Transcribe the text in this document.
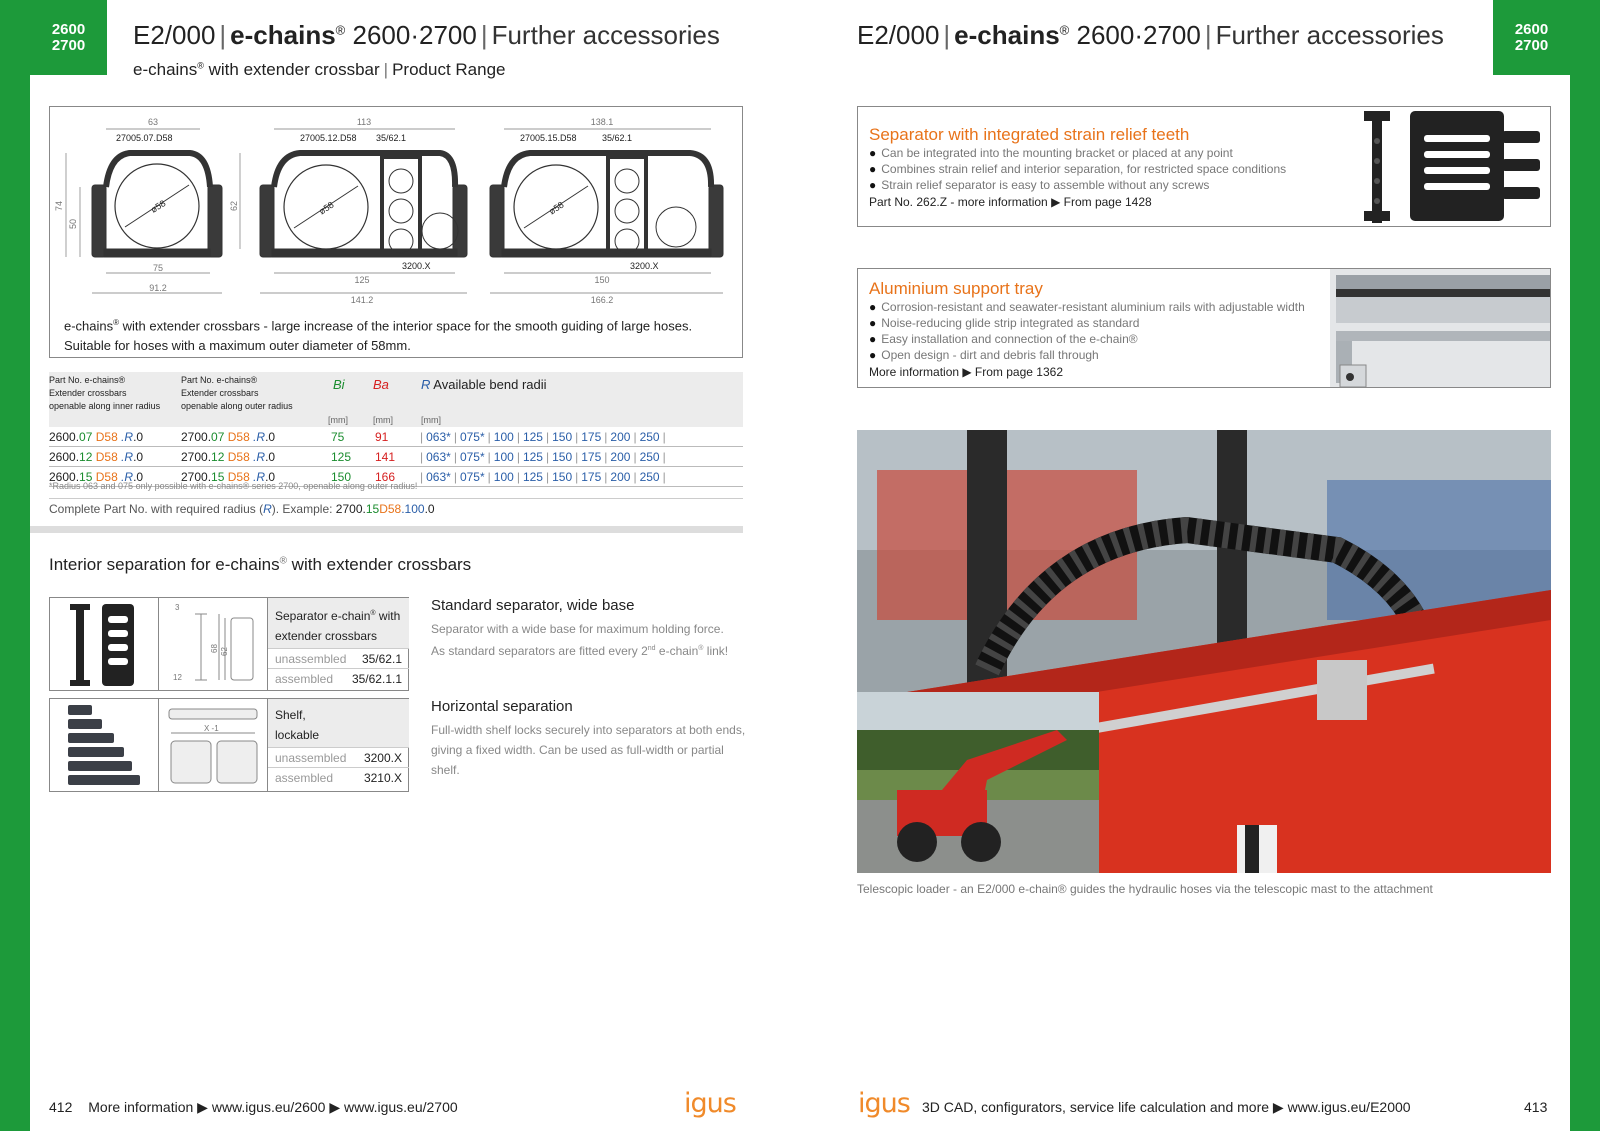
2600
2700
2600
2700
E2/000 | e-chains® 2600·2700 | Further accessories
e-chains® with extender crossbar | Product Range
63
27005.07.D58
ø58
75
91.2
74
50
62
113
27005.12.D58 35/62.1
ø58
3200.X
125
141.2
138.1
27005.15.D58	35/62.1
ø58
3200.X
150
166.2
e-chains® with extender crossbars - large increase of the interior space for the smooth guiding of large hoses.
Suitable for hoses with a maximum outer diameter of 58mm.
Part No. e-chains®
Extender crossbars
openable along inner radius
Part No. e-chains®
Extender crossbars
openable along outer radius
Bi Ba R Available bend radii
[mm]	[mm]	[mm]
2600.07 D58 .R.0	2700.07 D58 .R.0	75	91	| 063* | 075* | 100 | 125 | 150 | 175 | 200 | 250 |
2600.12 D58 .R.0	2700.12 D58 .R.0	125 141 | 063* | 075* | 100 | 125 | 150 | 175 | 200 | 250 |
2600.15 D58 .R.0	2700.15 D58 .R.0	150 166 | 063* | 075* | 100 | 125 | 150 | 175 | 200 | 250 |
*Radius 063 and 075 only possible with e-chains® series 2700, openable along outer radius!
Complete Part No. with required radius (R). Example: 2700.15D58.100.0
Interior separation for e-chains® with extender crossbars
3
68 62
12
Separator e-chain® with extender crossbars
unassembled 35/62.1
assembled 35/62.1.1
Standard separator, wide base
Separator with a wide base for maximum holding force.
As standard separators are fitted every 2nd e-chain® link!
X -1
Shelf,
lockable
unassembled 3200.X
assembled	3210.X
Horizontal separation
Full-width shelf locks securely into separators at both ends, giving a fixed width. Can be used as full-width or partial shelf.
412 More information ▶ www.igus.eu/2600 ▶ www.igus.eu/2700	igus
E2/000 | e-chains® 2600·2700 | Further accessories
Separator with integrated strain relief teeth
● Can be integrated into the mounting bracket or placed at any point
● Combines strain relief and interior separation, for restricted space conditions
● Strain relief separator is easy to assemble without any screws
Part No. 262.Z - more information ▶ From page 1428
Aluminium support tray
● Corrosion-resistant and seawater-resistant aluminium rails with adjustable width
● Noise-reducing glide strip integrated as standard
● Easy installation and connection of the e-chain®
● Open design - dirt and debris fall through
More information ▶ From page 1362
Telescopic loader - an E2/000 e-chain® guides the hydraulic hoses via the telescopic mast to the attachment
igus 3D CAD, configurators, service life calculation and more ▶ www.igus.eu/E2000	413
